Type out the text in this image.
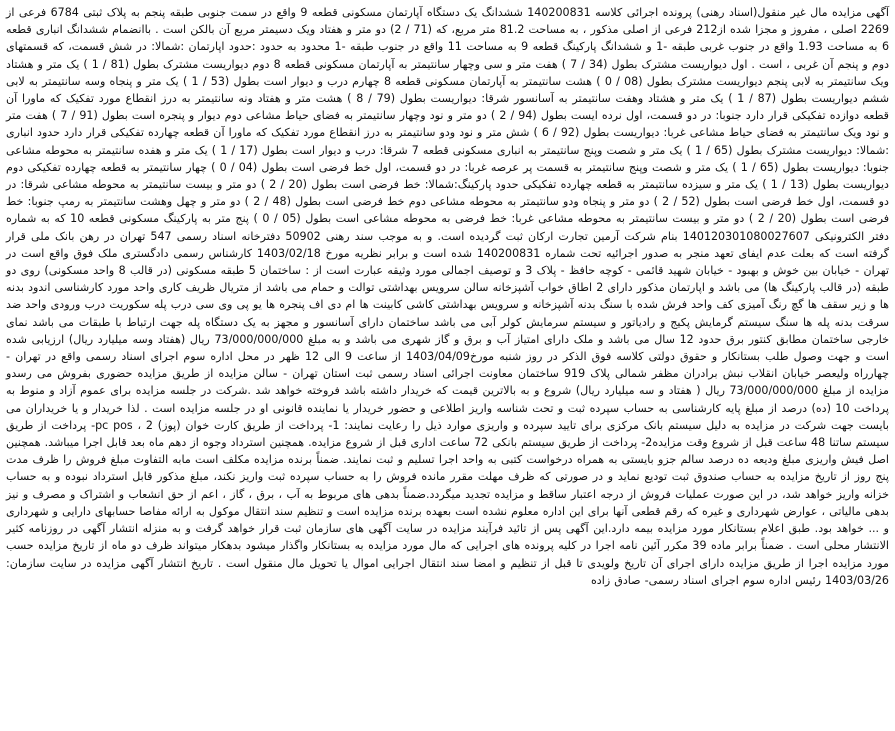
آگهی مزایده مال غیر منقول(اسناد رهنی) پرونده اجرائی کلاسه 140200831 ششدانگ یک دستگاه آپارتمان مسکونی قطعه 9 واقع در سمت جنوبی طبقه پنجم به پلاک ثبتی 6784 فرعی از 2269 اصلی ، مفروز و مجزا شده از212 فرعی از اصلی مذکور ، به مساحت 81.2 متر مربع، که (71 / 2) دو متر و هفتاد ویک دسیمتر مربع آن بالکن است . باانضمام ششدانگ انباری قطعه 6 به مساحت 1.93 واقع در جنوب غربی طبقه -1 و ششدانگ پارکینگ قطعه 9 به مساحت 11 واقع در جنوب طبقه -1 محدود به حدود :حدود اپارتمان :شمالا: در شش قسمت، که قسمتهای دوم و پنجم آن غربی ، است . اول دیواریست مشترک بطول (34 / 7 ) هفت متر و سی وچهار سانتیمتر به آپارتمان مسکونی قطعه 8 دوم دیواریست مشترک بطول (81 / 1 ) یک متر و هشتاد ویک سانتیمتر به لابی پنجم دیواریست مشترک بطول (08 / 0 ) هشت سانتیمتر به آپارتمان مسکونی قطعه 8 چهارم درب و دیوار است بطول (53 / 1 ) یک متر و پنجاه وسه سانتیمتر به لابی ششم دیواریست بطول (87 / 1 ) یک متر و هشتاد وهفت سانتیمتر به آسانسور شرقا: دیواریست بطول (79 / 8 ) هشت متر و هفتاد ونه سانتیمتر به درز انقطاع مورد تفکیک که ماورا آن قطعه دوازده تفکیکی قرار دارد جنوبا: در دو قسمت، اول نرده ایست بطول (94 / 2 ) دو متر و نود وچهار سانتیمتر به فضای حیاط مشاعی دوم دیوار و پنجره است بطول (91 / 7 ) هفت متر و نود ویک سانتیمتر به فضای حیاط مشاعی غربا: دیواریست بطول (92 / 6 ) شش متر و نود ودو سانتیمتر به درز انقطاع مورد تفکیک که ماورا آن قطعه چهارده تفکیکی قرار دارد حدود انباری :شمالا: دیواریست مشترک بطول (65 / 1 ) یک متر و شصت وپنج سانتیمتر به انباری مسکونی قطعه 7 شرقا: درب و دیوار است بطول (17 / 1 ) یک متر و هفده سانتیمتر به محوطه مشاعی جنوبا: دیواریست بطول (65 / 1 ) یک متر و شصت وپنج سانتیمتر به قسمت پر عرصه غربا: در دو قسمت، اول خط فرضی است بطول (04 / 0 ) چهار سانتیمتر به قطعه چهارده تفکیکی دوم دیواریست بطول (13 / 1 ) یک متر و سیزده سانتیمتر به قطعه چهارده تفکیکی حدود پارکینگ:شمالا: خط فرضی است بطول (20 / 2 ) دو متر و بیست سانتیمتر به محوطه مشاعی شرقا: در دو قسمت، اول خط فرضی است بطول (52 / 2 ) دو متر و پنجاه ودو سانتیمتر به محوطه مشاعی دوم خط فرضی است بطول (48 / 2 ) دو متر و چهل وهشت سانتیمتر به رمپ جنوبا: خط فرضی است بطول (20 / 2 ) دو متر و بیست سانتیمتر به محوطه مشاعی غربا: خط فرضی به محوطه مشاعی است بطول (05 / 0 ) پنج متر به پارکینگ مسکونی قطعه 10 که به شماره دفتر الکترونیکی 140120301080027607 بنام شرکت آرمین تجارت ارکان ثبت گردیده است. و به موجب سند رهنی 50902 دفترخانه اسناد رسمی 547 تهران در رهن بانک ملی قرار گرفته است که بعلت عدم ایفای تعهد منجر به صدور اجرائیه تحت شماره 140200831 شده است و برابر نظریه مورخ 1403/02/18 کارشناس رسمی دادگستری ملک فوق واقع است در تهران - خیابان بین خوش و بهبود - خیابان شهید قائمی - کوچه حافظ - پلاک 3 و توصیف اجمالی مورد وثیقه عبارت است از : ساختمان 5 طبقه مسکونی (در قالب 8 واحد مسکونی) روی دو طبقه (در قالب پارکینگ ها) می باشد و اپارتمان مذکور دارای 2 اطاق خواب آشپزخانه سالن سرویس بهداشتی توالت و حمام می باشد از متریال ظریف کاری واحد مورد کارشناسی اندود بدنه ها و زیر سقف ها گچ رنگ آمیزی کف واحد فرش شده با سنگ بدنه آشپزخانه و سرویس بهداشتی کاشی کابینت ها ام دی اف پنجره ها یو پی وی سی درب پله سکوریت درب ورودی واحد ضد سرقت بدنه پله ها سنگ سیستم گرمایش پکیج و رادیاتور و سیستم سرمایش کولر آبی می باشد ساختمان دارای آسانسور و مجهز به یک دستگاه پله جهت ارتباط با طبقات می باشد نمای خارجی ساختمان مطابق کنتور برق حدود 12 سال می باشد و ملک دارای امتیاز آب و برق و گاز شهری می باشد و به مبلغ 73/000/000/000 ریال (هفتاد وسه میلیارد ریال) ارزیابی شده است و جهت وصول طلب بستانکار و حقوق دولتی کلاسه فوق الذکر در روز شنبه مورخ1403/04/09 از ساعت 9 الی 12 ظهر در محل اداره سوم اجرای اسناد رسمی واقع در تهران - چهارراه ولیعصر خیابان انقلاب نبش برادران مظفر شمالی پلاک 919 ساختمان معاونت اجرائی اسناد رسمی ثبت استان تهران - سالن مزایده از طریق مزایده حضوری بفروش می رسدو مزایده از مبلغ 73/000/000/000 ریال ( هفتاد و سه میلیارد ریال) شروع و به بالاترین قیمت که خریدار داشته باشد فروخته خواهد شد .شرکت در جلسه مزایده برای عموم آزاد و منوط به پرداخت 10 (ده) درصد از مبلغ پایه کارشناسی به حساب سپرده ثبت و تحت شناسه واریز اطلاعی و حضور خریدار یا نماینده قانونی او در جلسه مزایده است . لذا خریدار و یا خریداران می بایست جهت شرکت در مزایده به دلیل سیستم بانک مرکزی برای تایید سپرده و واریزی موارد ذیل را رعایت نمایند: 1- پرداخت از طریق کارت خوان (پوز) pc pos ، 2- پرداخت از طریق سیستم ساتنا 48 ساعت قبل از شروع وقت مزایده2- پرداخت از طریق سیستم بانکی 72 ساعت اداری قبل از شروع مزایده. همچنین استرداد وجوه از دهم ماه بعد قابل اجرا میباشد. همچنین اصل فیش واریزی مبلغ ودیعه ده درصد سالم جزو بایستی به همراه درخواست کتبی به واحد اجرا تسلیم و ثبت نمایند. ضمناً برنده مزایده مکلف است مابه التفاوت مبلغ فروش را ظرف مدت پنج روز از تاریخ مزایده به حساب صندوق ثبت تودیع نماید و در صورتی که ظرف مهلت مقرر مانده فروش را به حساب سپرده ثبت واریز نکند، مبلغ مذکور قابل استرداد نبوده و به حساب خزانه واریز خواهد شد، در این صورت عملیات فروش از درجه اعتبار ساقط و مزایده تجدید میگردد.ضمناً بدهی های مربوط به آب ، برق ، گاز ، اعم از حق انشعاب و اشتراک و مصرف و نیز بدهی مالیاتی ، عوارض شهرداری و غیره که رقم قطعی آنها برای این اداره معلوم نشده است بعهده برنده مزایده است و تنظیم سند انتقال موکول به ارائه مفاصا حسابهای دارایی و شهرداری و ... خواهد بود. طبق اعلام بستانکار مورد مزایده بیمه دارد.این آگهی پس از تائید فرآیند مزایده در سایت آگهی های سازمان ثبت قرار خواهد گرفت و به منزله انتشار آگهی در روزنامه کثیر الانتشار محلی است . ضمناً برابر ماده 39 مکرر آئین نامه اجرا در کلیه پرونده های اجرایی که مال مورد مزایده به بستانکار واگذار میشود بدهکار میتواند ظرف دو ماه از تاریخ مزایده حسب مورد مزایده اجرا از طریق مزایده دارای اجرای آن تاریخ ولویدی تا قبل از تنظیم و امضا سند انتقال اجرایی اموال یا تحویل مال منقول است . تاریخ انتشار آگهی مزایده در سایت سازمان: 1403/03/26 رئیس اداره سوم اجرای اسناد رسمی- صادق زاده
